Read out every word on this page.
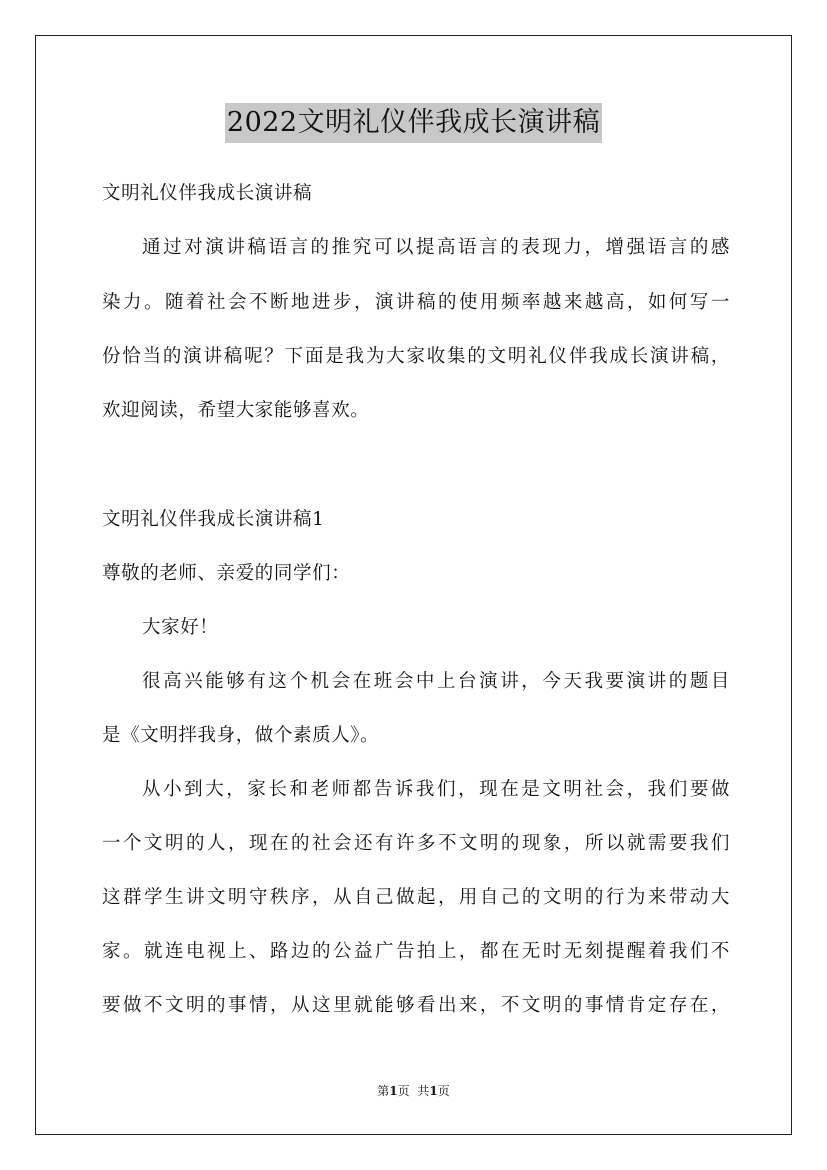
2022文明礼仪伴我成长演讲稿
文明礼仪伴我成长演讲稿
通过对演讲稿语言的推究可以提高语言的表现力，增强语言的感
染力。随着社会不断地进步，演讲稿的使用频率越来越高，如何写一
份恰当的演讲稿呢？下面是我为大家收集的文明礼仪伴我成长演讲稿，
欢迎阅读，希望大家能够喜欢。
文明礼仪伴我成长演讲稿1
尊敬的老师、亲爱的同学们：
大家好！
很高兴能够有这个机会在班会中上台演讲，今天我要演讲的题目
是《文明拌我身，做个素质人》。
从小到大，家长和老师都告诉我们，现在是文明社会，我们要做
一个文明的人，现在的社会还有许多不文明的现象，所以就需要我们
这群学生讲文明守秩序，从自己做起，用自己的文明的行为来带动大
家。就连电视上、路边的公益广告拍上，都在无时无刻提醒着我们不
要做不文明的事情，从这里就能够看出来，不文明的事情肯定存在，
第1页 共1页
